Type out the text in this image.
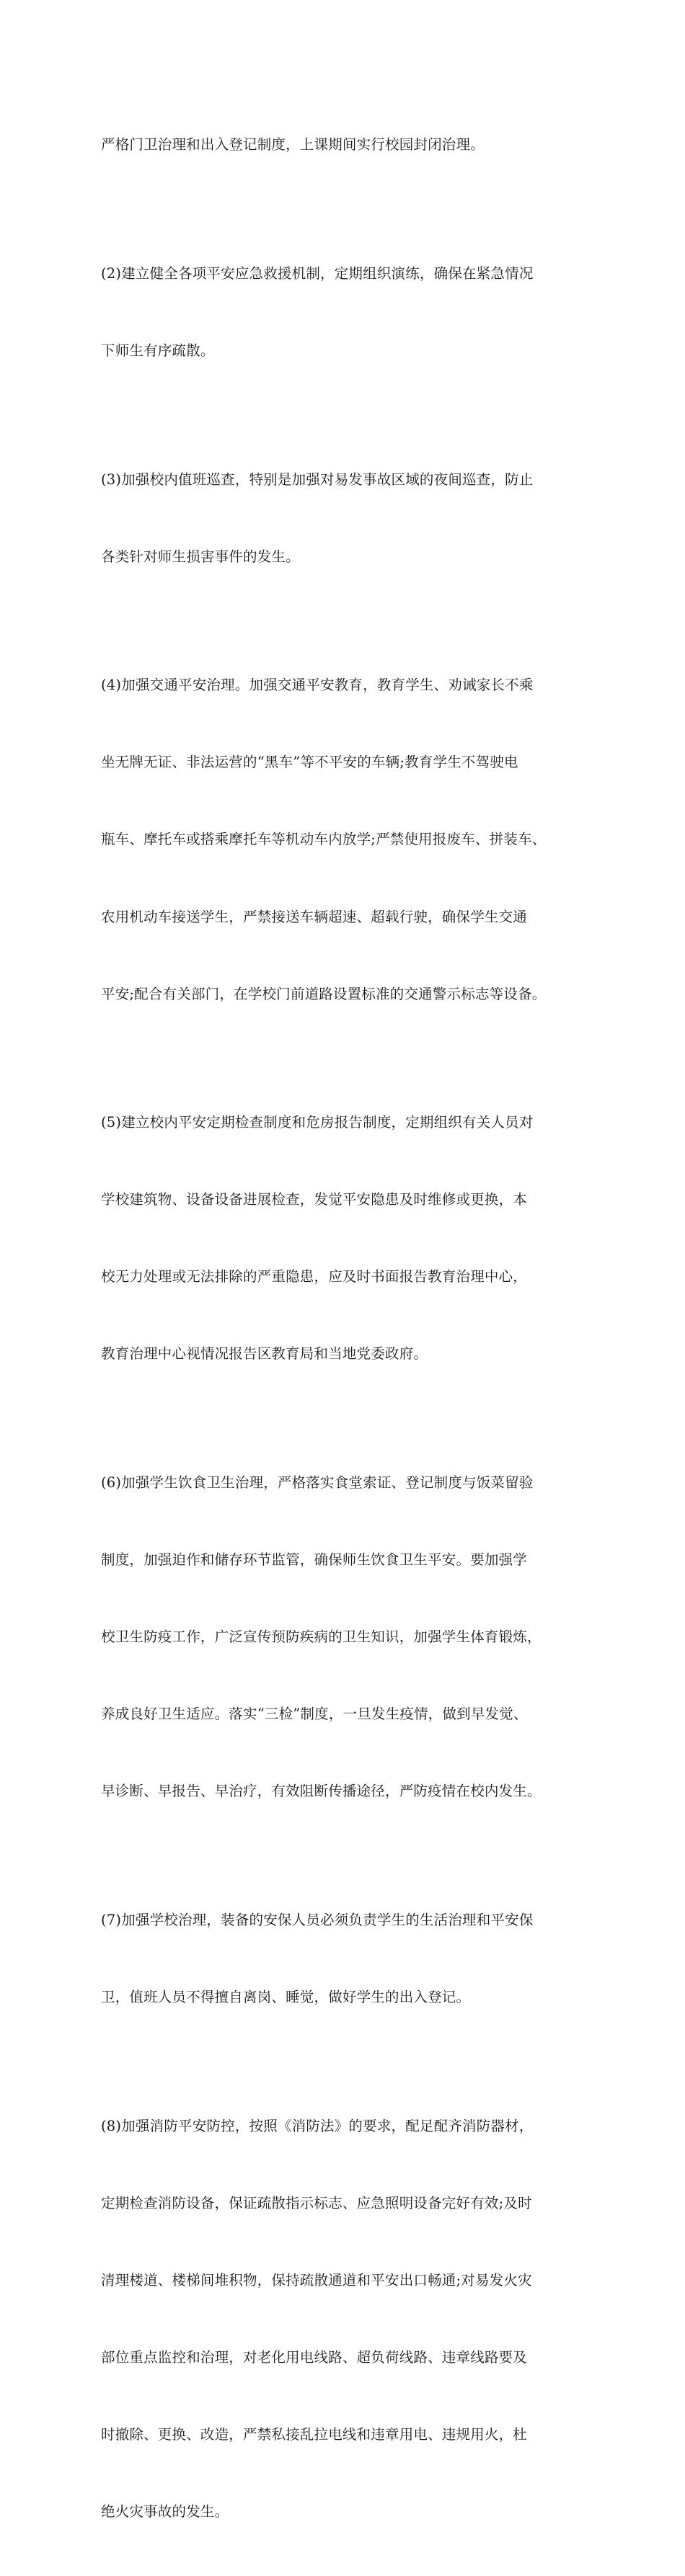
严格门卫治理和出入登记制度，上课期间实行校园封闭治理。

(2)建立健全各项平安应急救援机制，定期组织演练，确保在紧急情况

下师生有序疏散。

(3)加强校内值班巡查，特别是加强对易发事故区域的夜间巡查，防止

各类针对师生损害事件的发生。

(4)加强交通平安治理。加强交通平安教育，教育学生、劝诫家长不乘

坐无牌无证、非法运营的“黑车”等不平安的车辆;教育学生不驾驶电

瓶车、摩托车或搭乘摩托车等机动车内放学;严禁使用报废车、拼装车、

农用机动车接送学生，严禁接送车辆超速、超载行驶，确保学生交通

平安;配合有关部门，在学校门前道路设置标准的交通警示标志等设备。

(5)建立校内平安定期检查制度和危房报告制度，定期组织有关人员对

学校建筑物、设备设备进展检查，发觉平安隐患及时维修或更换，本

校无力处理或无法排除的严重隐患，应及时书面报告教育治理中心，

教育治理中心视情况报告区教育局和当地党委政府。

(6)加强学生饮食卫生治理，严格落实食堂索证、登记制度与饭菜留验

制度，加强迫作和储存环节监管，确保师生饮食卫生平安。要加强学

校卫生防疫工作，广泛宣传预防疾病的卫生知识，加强学生体育锻炼，

养成良好卫生适应。落实“三检”制度，一旦发生疫情，做到早发觉、

早诊断、早报告、早治疗，有效阻断传播途径，严防疫情在校内发生。

(7)加强学校治理，装备的安保人员必须负责学生的生活治理和平安保

卫，值班人员不得擅自离岗、睡觉，做好学生的出入登记。

(8)加强消防平安防控，按照《消防法》的要求，配足配齐消防器材，

定期检查消防设备，保证疏散指示标志、应急照明设备完好有效;及时

清理楼道、楼梯间堆积物，保持疏散通道和平安出口畅通;对易发火灾

部位重点监控和治理，对老化用电线路、超负荷线路、违章线路要及

时撤除、更换、改造，严禁私接乱拉电线和违章用电、违规用火，杜

绝火灾事故的发生。
